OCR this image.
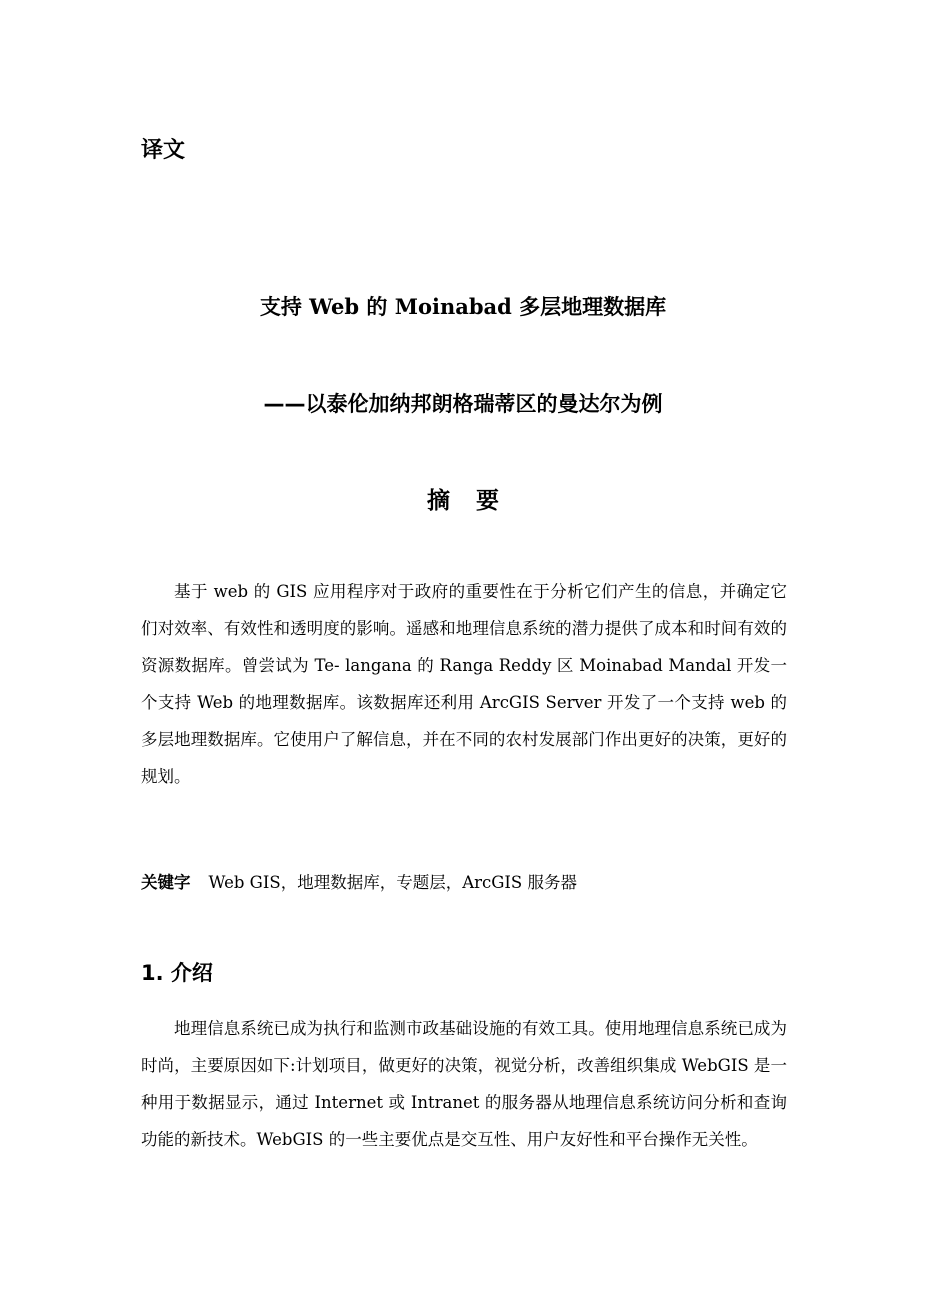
译文
支持 Web 的 Moinabad 多层地理数据库
——以泰伦加纳邦朗格瑞蒂区的曼达尔为例
摘 要
基于 web 的 GIS 应用程序对于政府的重要性在于分析它们产生的信息，并确定它们对效率、有效性和透明度的影响。遥感和地理信息系统的潜力提供了成本和时间有效的资源数据库。曾尝试为 Te- langana 的 Ranga Reddy 区 Moinabad Mandal 开发一个支持 Web 的地理数据库。该数据库还利用 ArcGIS Server 开发了一个支持 web 的多层地理数据库。它使用户了解信息，并在不同的农村发展部门作出更好的决策，更好的规划。
关键字 Web GIS，地理数据库，专题层，ArcGIS 服务器
1. 介绍
地理信息系统已成为执行和监测市政基础设施的有效工具。使用地理信息系统已成为时尚，主要原因如下:计划项目，做更好的决策，视觉分析，改善组织集成 WebGIS 是一种用于数据显示，通过 Internet 或 Intranet 的服务器从地理信息系统访问分析和查询功能的新技术。WebGIS 的一些主要优点是交互性、用户友好性和平台操作无关性。
